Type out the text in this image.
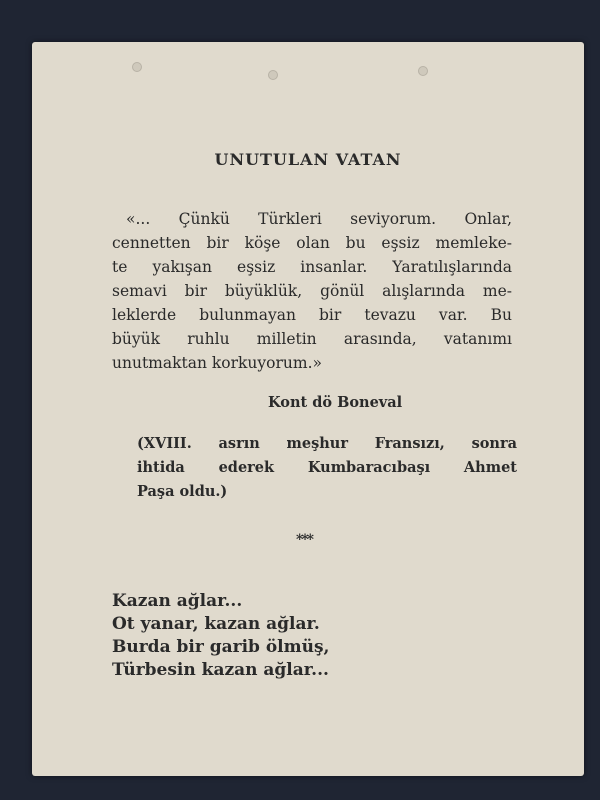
UNUTULAN VATAN
«... Çünkü Türkleri seviyorum. Onlar,
cennetten bir köşe olan bu eşsiz memleke-
te yakışan eşsiz insanlar. Yaratılışlarında
semavi bir büyüklük, gönül alışlarında me-
leklerde bulunmayan bir tevazu var. Bu
büyük ruhlu milletin arasında, vatanımı
unutmaktan korkuyorum.»
Kont dö Boneval
(XVIII. asrın meşhur Fransızı, sonra
ihtida ederek Kumbaracıbaşı Ahmet
Paşa oldu.)
***
Kazan ağlar...
Ot yanar, kazan ağlar.
Burda bir garib ölmüş,
Türbesin kazan ağlar...
